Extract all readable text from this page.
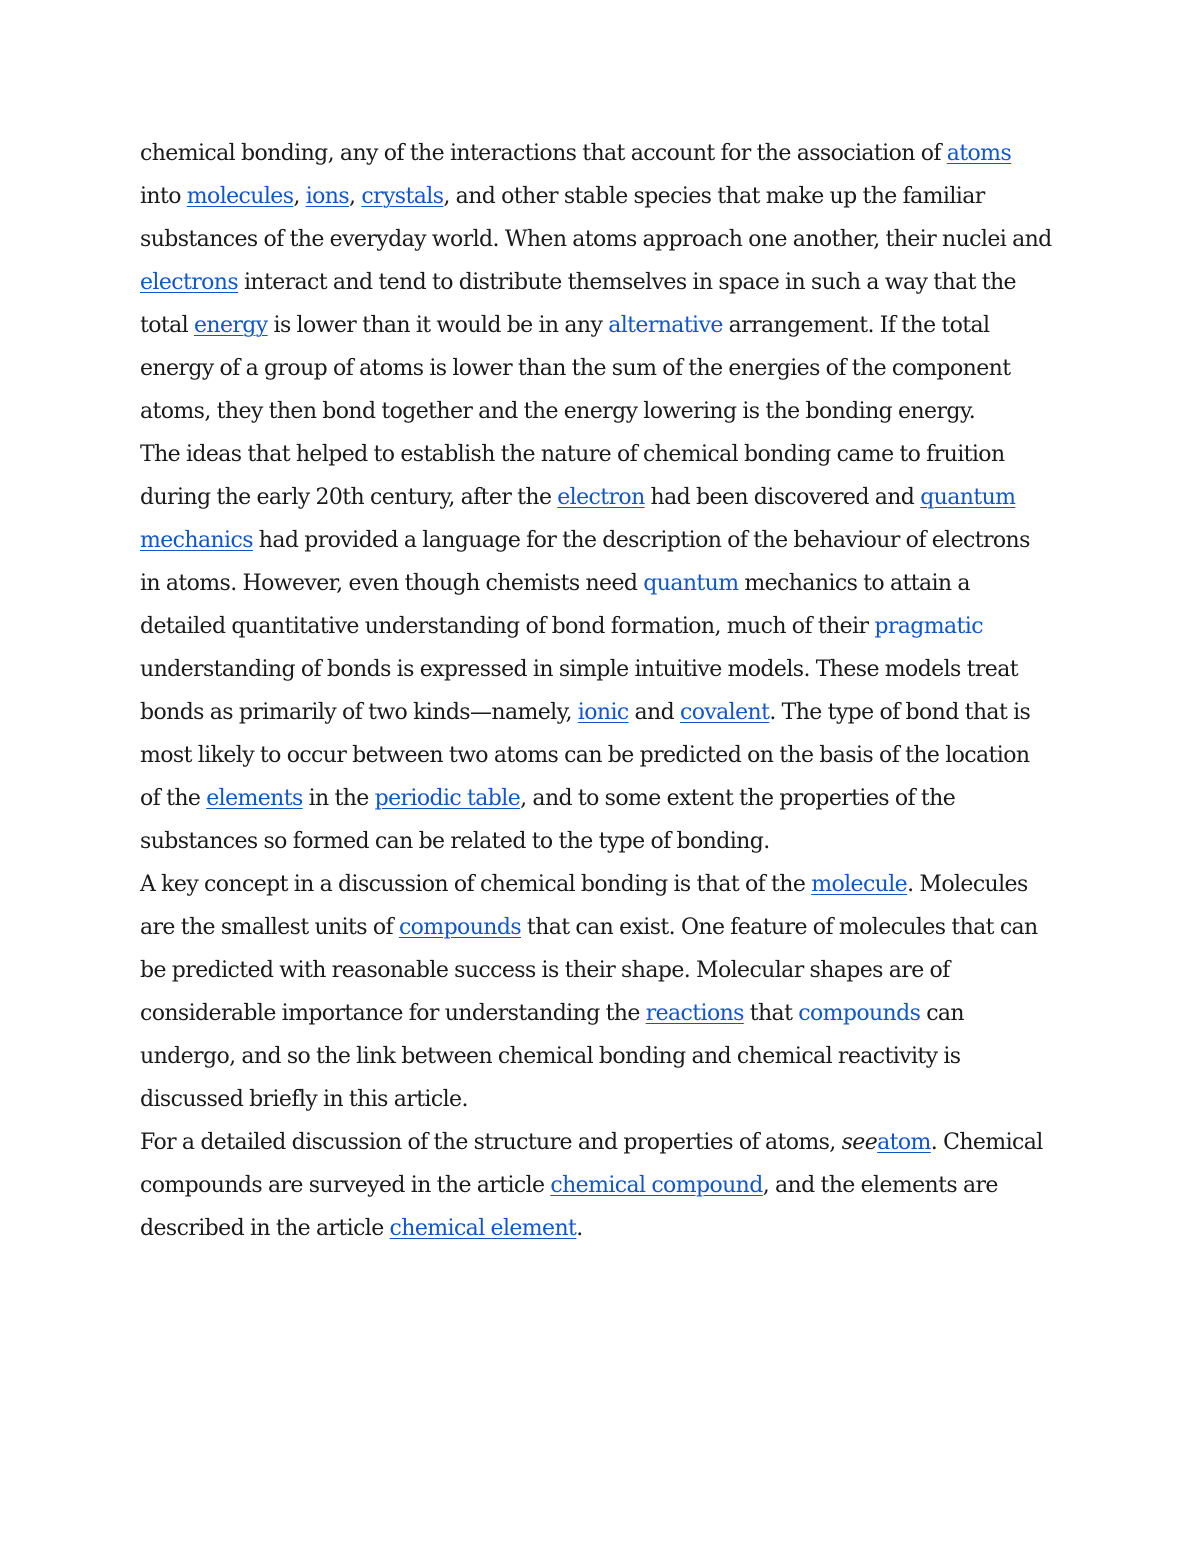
chemical bonding, any of the interactions that account for the association of atoms into molecules, ions, crystals, and other stable species that make up the familiar substances of the everyday world. When atoms approach one another, their nuclei and electrons interact and tend to distribute themselves in space in such a way that the total energy is lower than it would be in any alternative arrangement. If the total energy of a group of atoms is lower than the sum of the energies of the component atoms, they then bond together and the energy lowering is the bonding energy.

The ideas that helped to establish the nature of chemical bonding came to fruition during the early 20th century, after the electron had been discovered and quantum mechanics had provided a language for the description of the behaviour of electrons in atoms. However, even though chemists need quantum mechanics to attain a detailed quantitative understanding of bond formation, much of their pragmatic understanding of bonds is expressed in simple intuitive models. These models treat bonds as primarily of two kinds—namely, ionic and covalent. The type of bond that is most likely to occur between two atoms can be predicted on the basis of the location of the elements in the periodic table, and to some extent the properties of the substances so formed can be related to the type of bonding.

A key concept in a discussion of chemical bonding is that of the molecule. Molecules are the smallest units of compounds that can exist. One feature of molecules that can be predicted with reasonable success is their shape. Molecular shapes are of considerable importance for understanding the reactions that compounds can undergo, and so the link between chemical bonding and chemical reactivity is discussed briefly in this article.

For a detailed discussion of the structure and properties of atoms, seeatom. Chemical compounds are surveyed in the article chemical compound, and the elements are described in the article chemical element.
